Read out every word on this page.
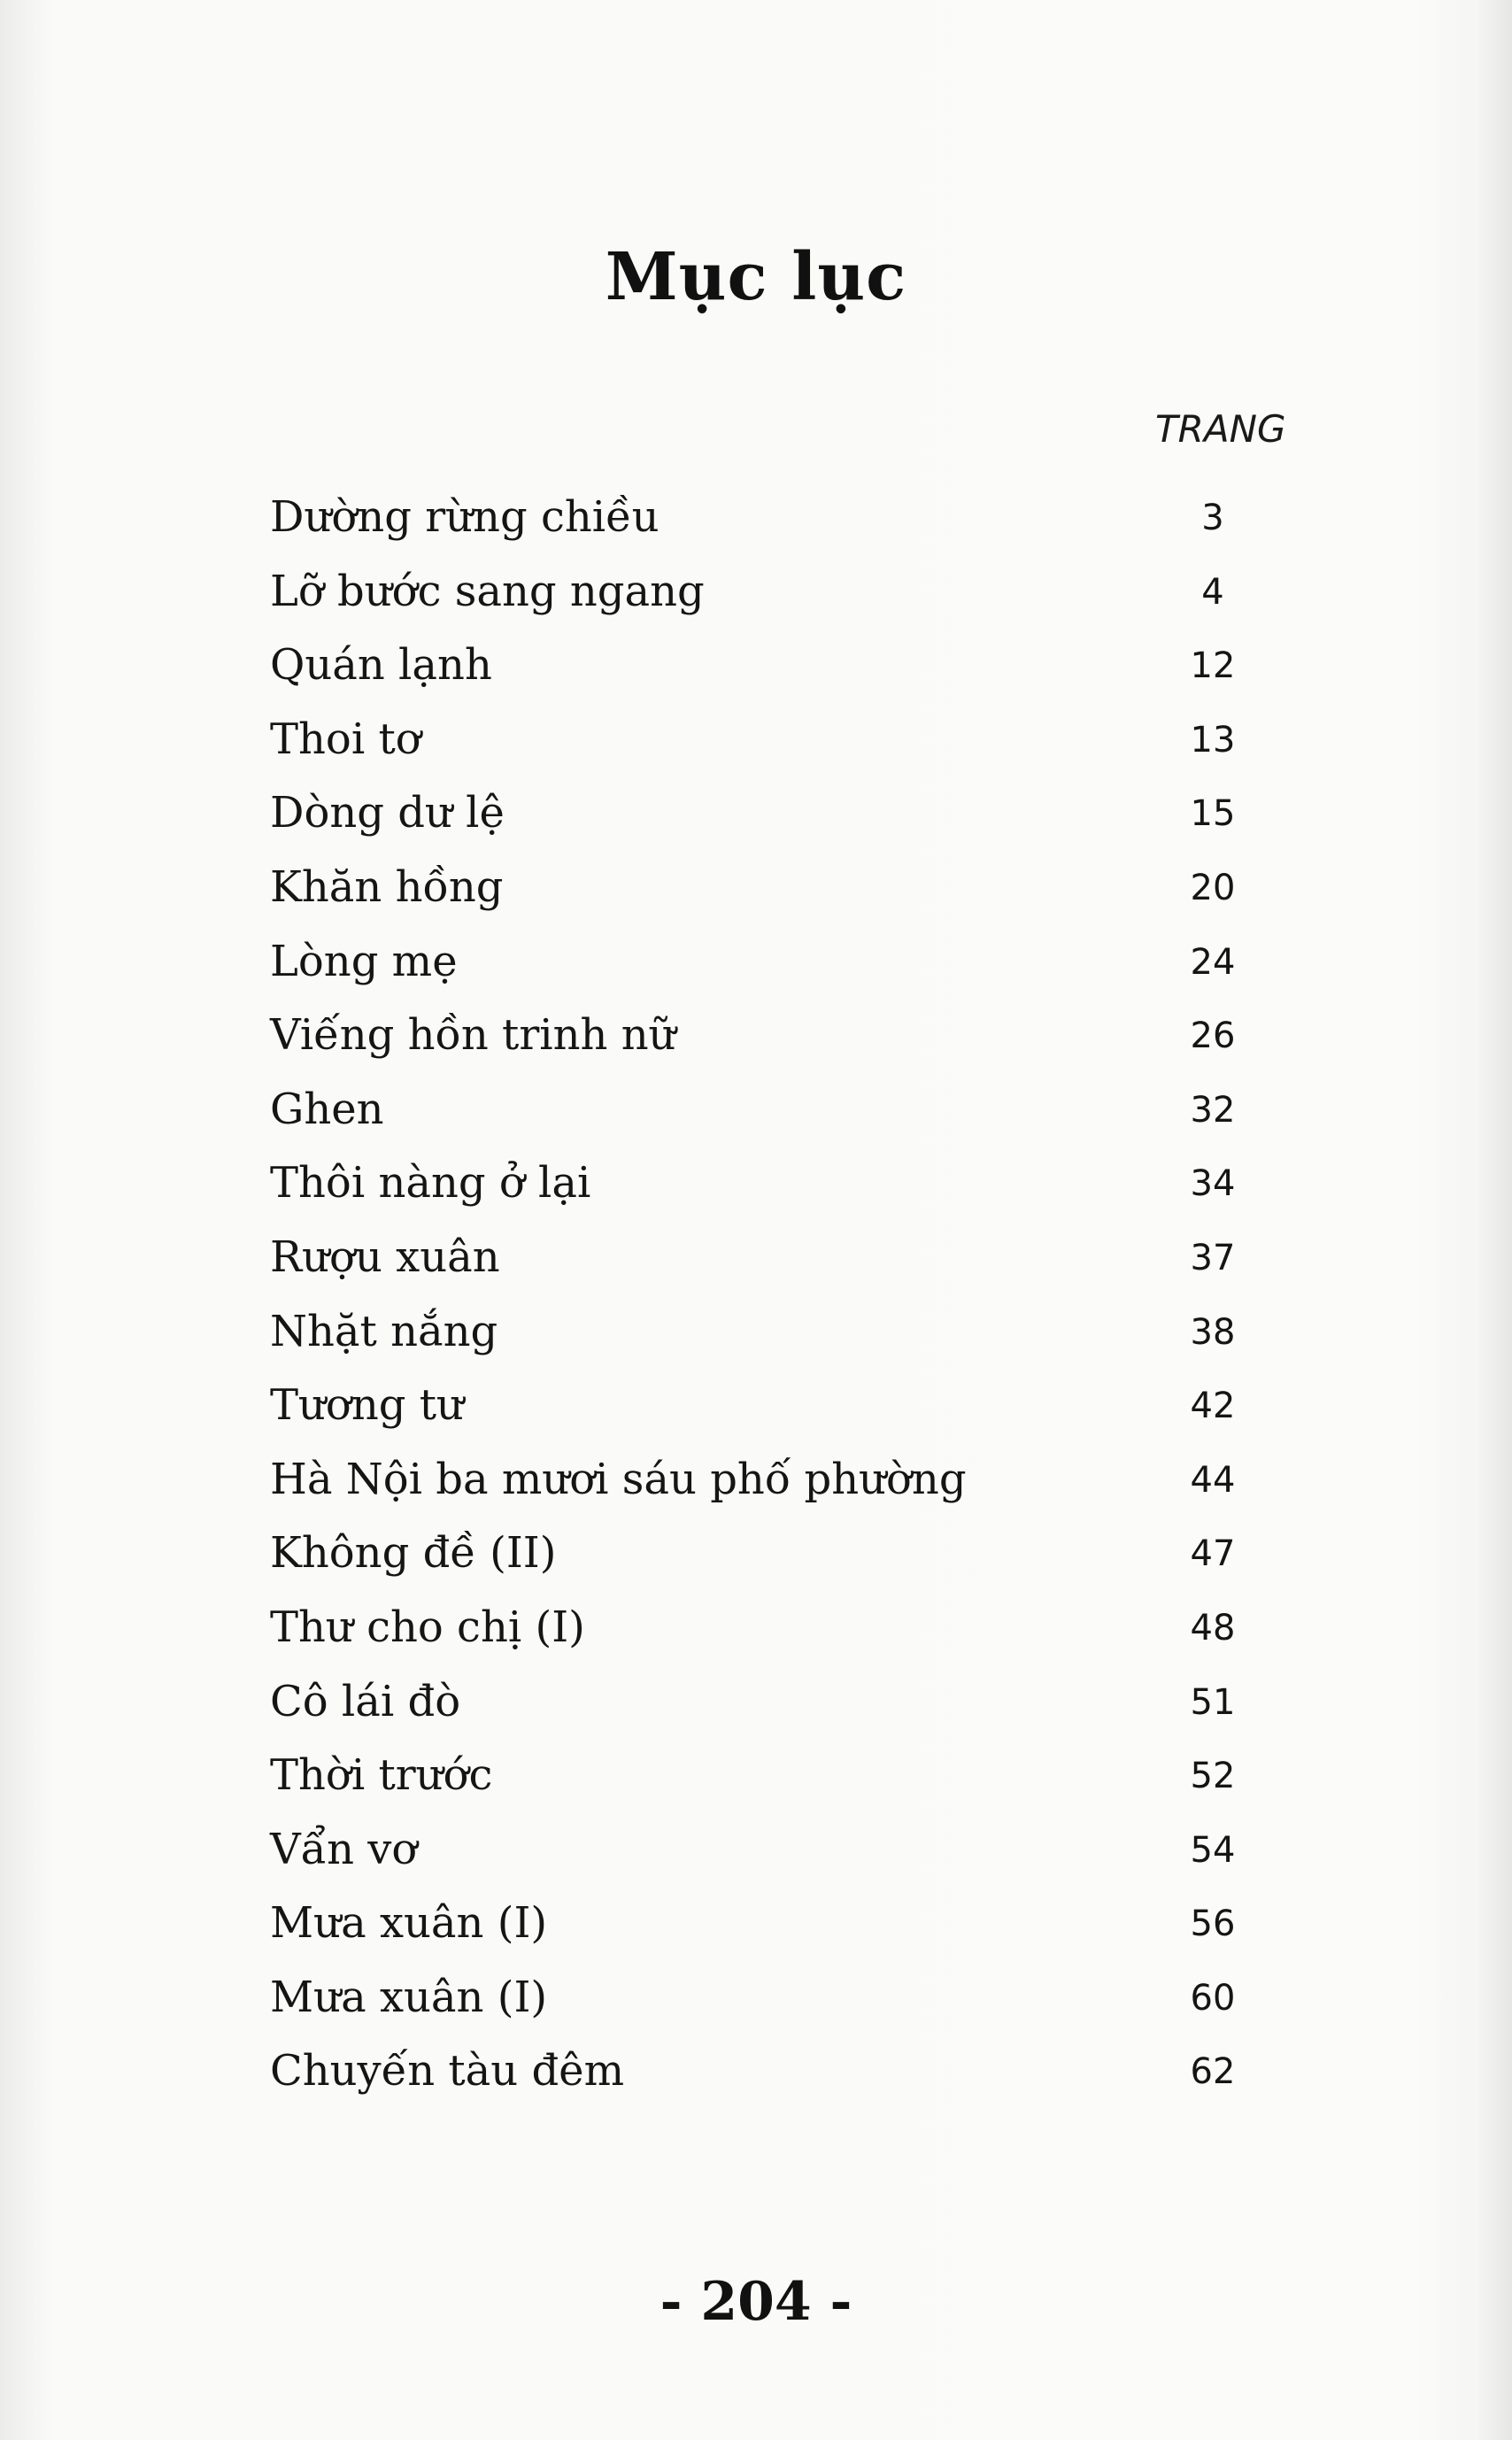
Mục lục
TRANG
Dường rừng chiều	3
Lỡ bước sang ngang	4
Quán lạnh	12
Thoi tơ	13
Dòng dư lệ	15
Khăn hồng	20
Lòng mẹ	24
Viếng hồn trinh nữ	26
Ghen	32
Thôi nàng ở lại	34
Rượu xuân	37
Nhặt nắng	38
Tương tư	42
Hà Nội ba mươi sáu phố phường	44
Không đề (II)	47
Thư cho chị (I)	48
Cô lái đò	51
Thời trước	52
Vẩn vơ	54
Mưa xuân (I)	56
Mưa xuân (I)	60
Chuyến tàu đêm	62
- 204 -
